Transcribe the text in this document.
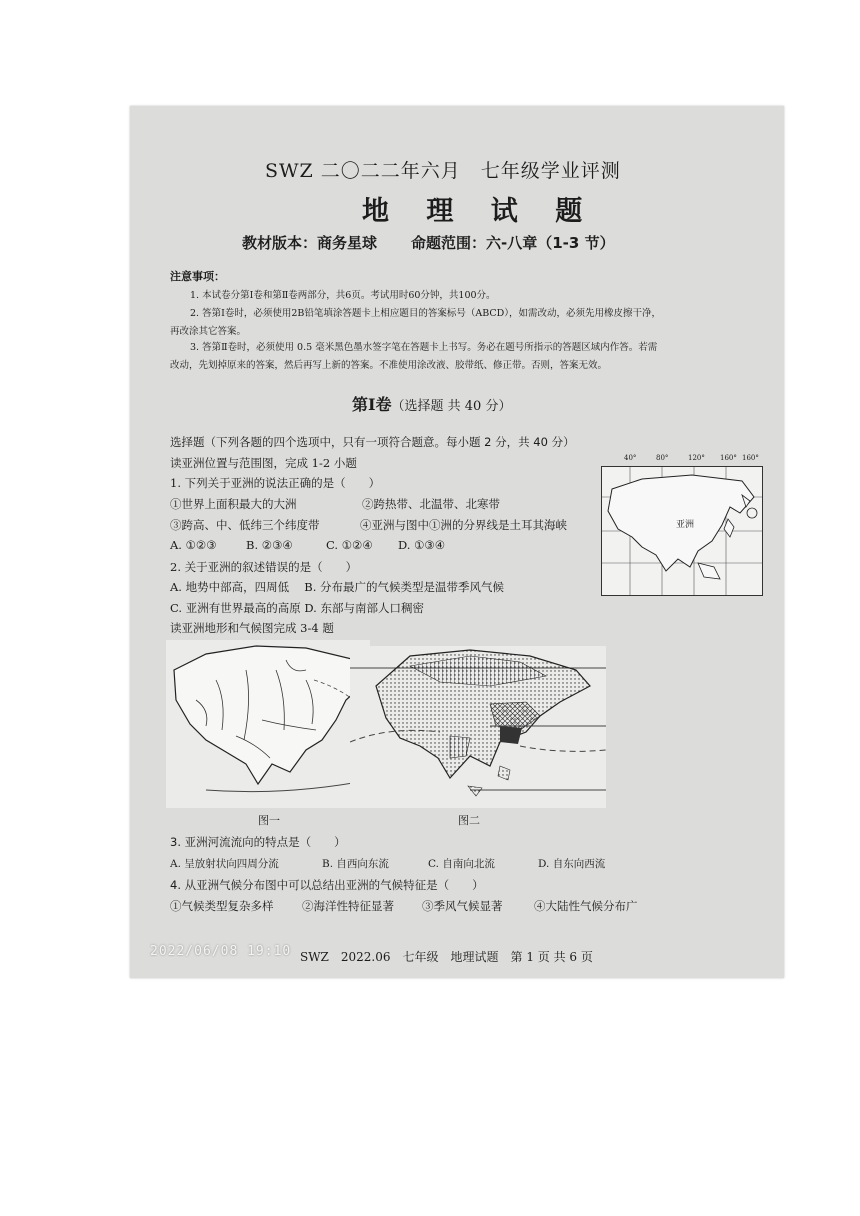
SWZ 二〇二二年六月　七年级学业评测
地 理 试 题
教材版本：商务星球 命题范围：六-八章（1-3 节）
注意事项：
1. 本试卷分第Ⅰ卷和第Ⅱ卷两部分，共6页。考试用时60分钟，共100分。
2. 答第Ⅰ卷时，必须使用2B铅笔填涂答题卡上相应题目的答案标号（ABCD），如需改动，必须先用橡皮擦干净，
再改涂其它答案。
3. 答第Ⅱ卷时，必须使用 0.5 毫米黑色墨水签字笔在答题卡上书写。务必在题号所指示的答题区域内作答。若需
改动，先划掉原来的答案，然后再写上新的答案。不准使用涂改液、胶带纸、修正带。否则，答案无效。
第Ⅰ卷（选择题 共 40 分）
选择题（下列各题的四个选项中，只有一项符合题意。每小题 2 分，共 40 分）
读亚洲位置与范围图，完成 1-2 小题
1. 下列关于亚洲的说法正确的是（　　）
①世界上面积最大的大洲	②跨热带、北温带、北寒带
③跨高、中、低纬三个纬度带	④亚洲与图中①洲的分界线是土耳其海峡
A. ①②③	B. ②③④	C. ①②④ D. ①③④
2. 关于亚洲的叙述错误的是（　　）
A. 地势中部高，四周低　 B. 分布最广的气候类型是温带季风气候
C. 亚洲有世界最高的高原 D. 东部与南部人口稠密
读亚洲地形和气候图完成 3-4 题
亚洲
40°	80°	120° 160° 160°
图一	图二
3. 亚洲河流流向的特点是（　　）
A. 呈放射状向四周分流	B. 自西向东流	C. 自南向北流	D. 自东向西流
4. 从亚洲气候分布图中可以总结出亚洲的气候特征是（　　）
①气候类型复杂多样 ②海洋性特征显著 ③季风气候显著	④大陆性气候分布广
2022/06/08 19:10 SWZ　2022.06　七年级　地理试题　第 1 页 共 6 页
